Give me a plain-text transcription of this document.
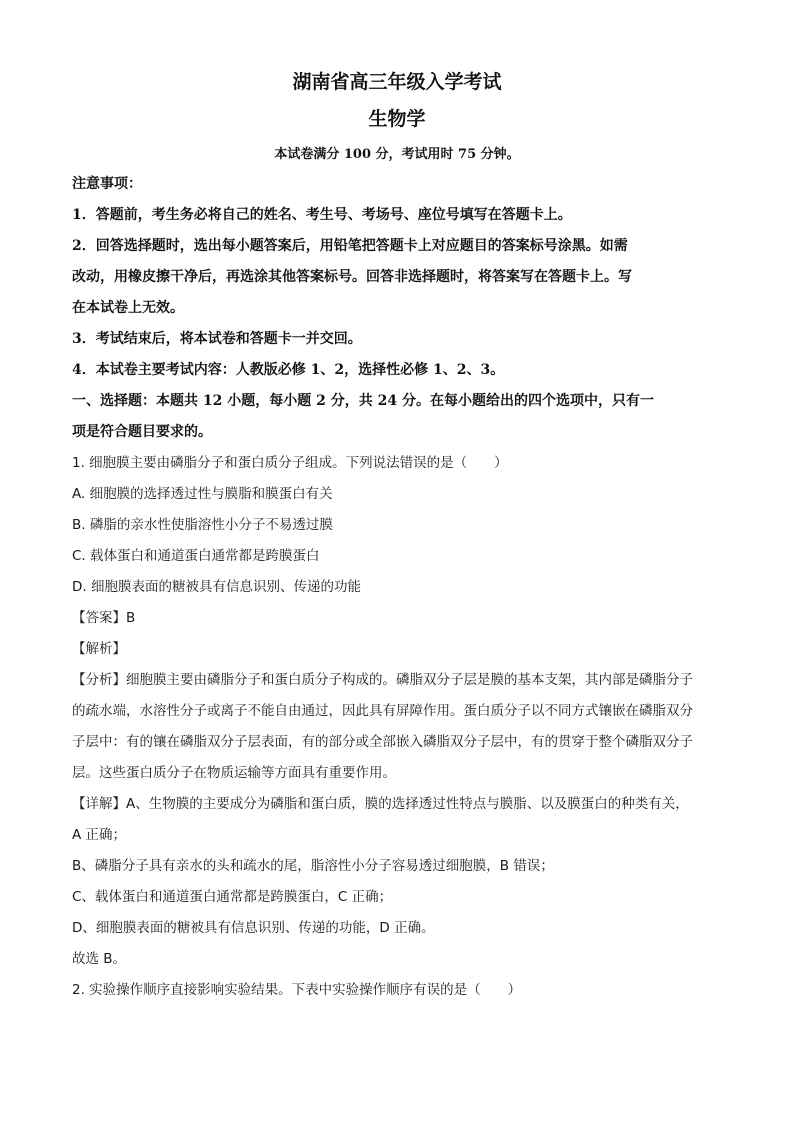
湖南省高三年级入学考试
生物学
本试卷满分 100 分，考试用时 75 分钟。
注意事项：
1．答题前，考生务必将自己的姓名、考生号、考场号、座位号填写在答题卡上。
2．回答选择题时，选出每小题答案后，用铅笔把答题卡上对应题目的答案标号涂黑。如需
改动，用橡皮擦干净后，再选涂其他答案标号。回答非选择题时，将答案写在答题卡上。写
在本试卷上无效。
3．考试结束后，将本试卷和答题卡一并交回。
4．本试卷主要考试内容：人教版必修 1、2，选择性必修 1、2、3。
一、选择题：本题共 12 小题，每小题 2 分，共 24 分。在每小题给出的四个选项中，只有一
项是符合题目要求的。
1. 细胞膜主要由磷脂分子和蛋白质分子组成。下列说法错误的是（　　）
A. 细胞膜的选择透过性与膜脂和膜蛋白有关
B. 磷脂的亲水性使脂溶性小分子不易透过膜
C. 载体蛋白和通道蛋白通常都是跨膜蛋白
D. 细胞膜表面的糖被具有信息识别、传递的功能
【答案】B
【解析】
【分析】细胞膜主要由磷脂分子和蛋白质分子构成的。磷脂双分子层是膜的基本支架，其内部是磷脂分子
的疏水端，水溶性分子或离子不能自由通过，因此具有屏障作用。蛋白质分子以不同方式镶嵌在磷脂双分
子层中：有的镶在磷脂双分子层表面，有的部分或全部嵌入磷脂双分子层中，有的贯穿于整个磷脂双分子
层。这些蛋白质分子在物质运输等方面具有重要作用。
【详解】A、生物膜的主要成分为磷脂和蛋白质，膜的选择透过性特点与膜脂、以及膜蛋白的种类有关，
A 正确；
B、磷脂分子具有亲水的头和疏水的尾，脂溶性小分子容易透过细胞膜，B 错误；
C、载体蛋白和通道蛋白通常都是跨膜蛋白，C 正确；
D、细胞膜表面的糖被具有信息识别、传递的功能，D 正确。
故选 B。
2. 实验操作顺序直接影响实验结果。下表中实验操作顺序有误的是（　　）
